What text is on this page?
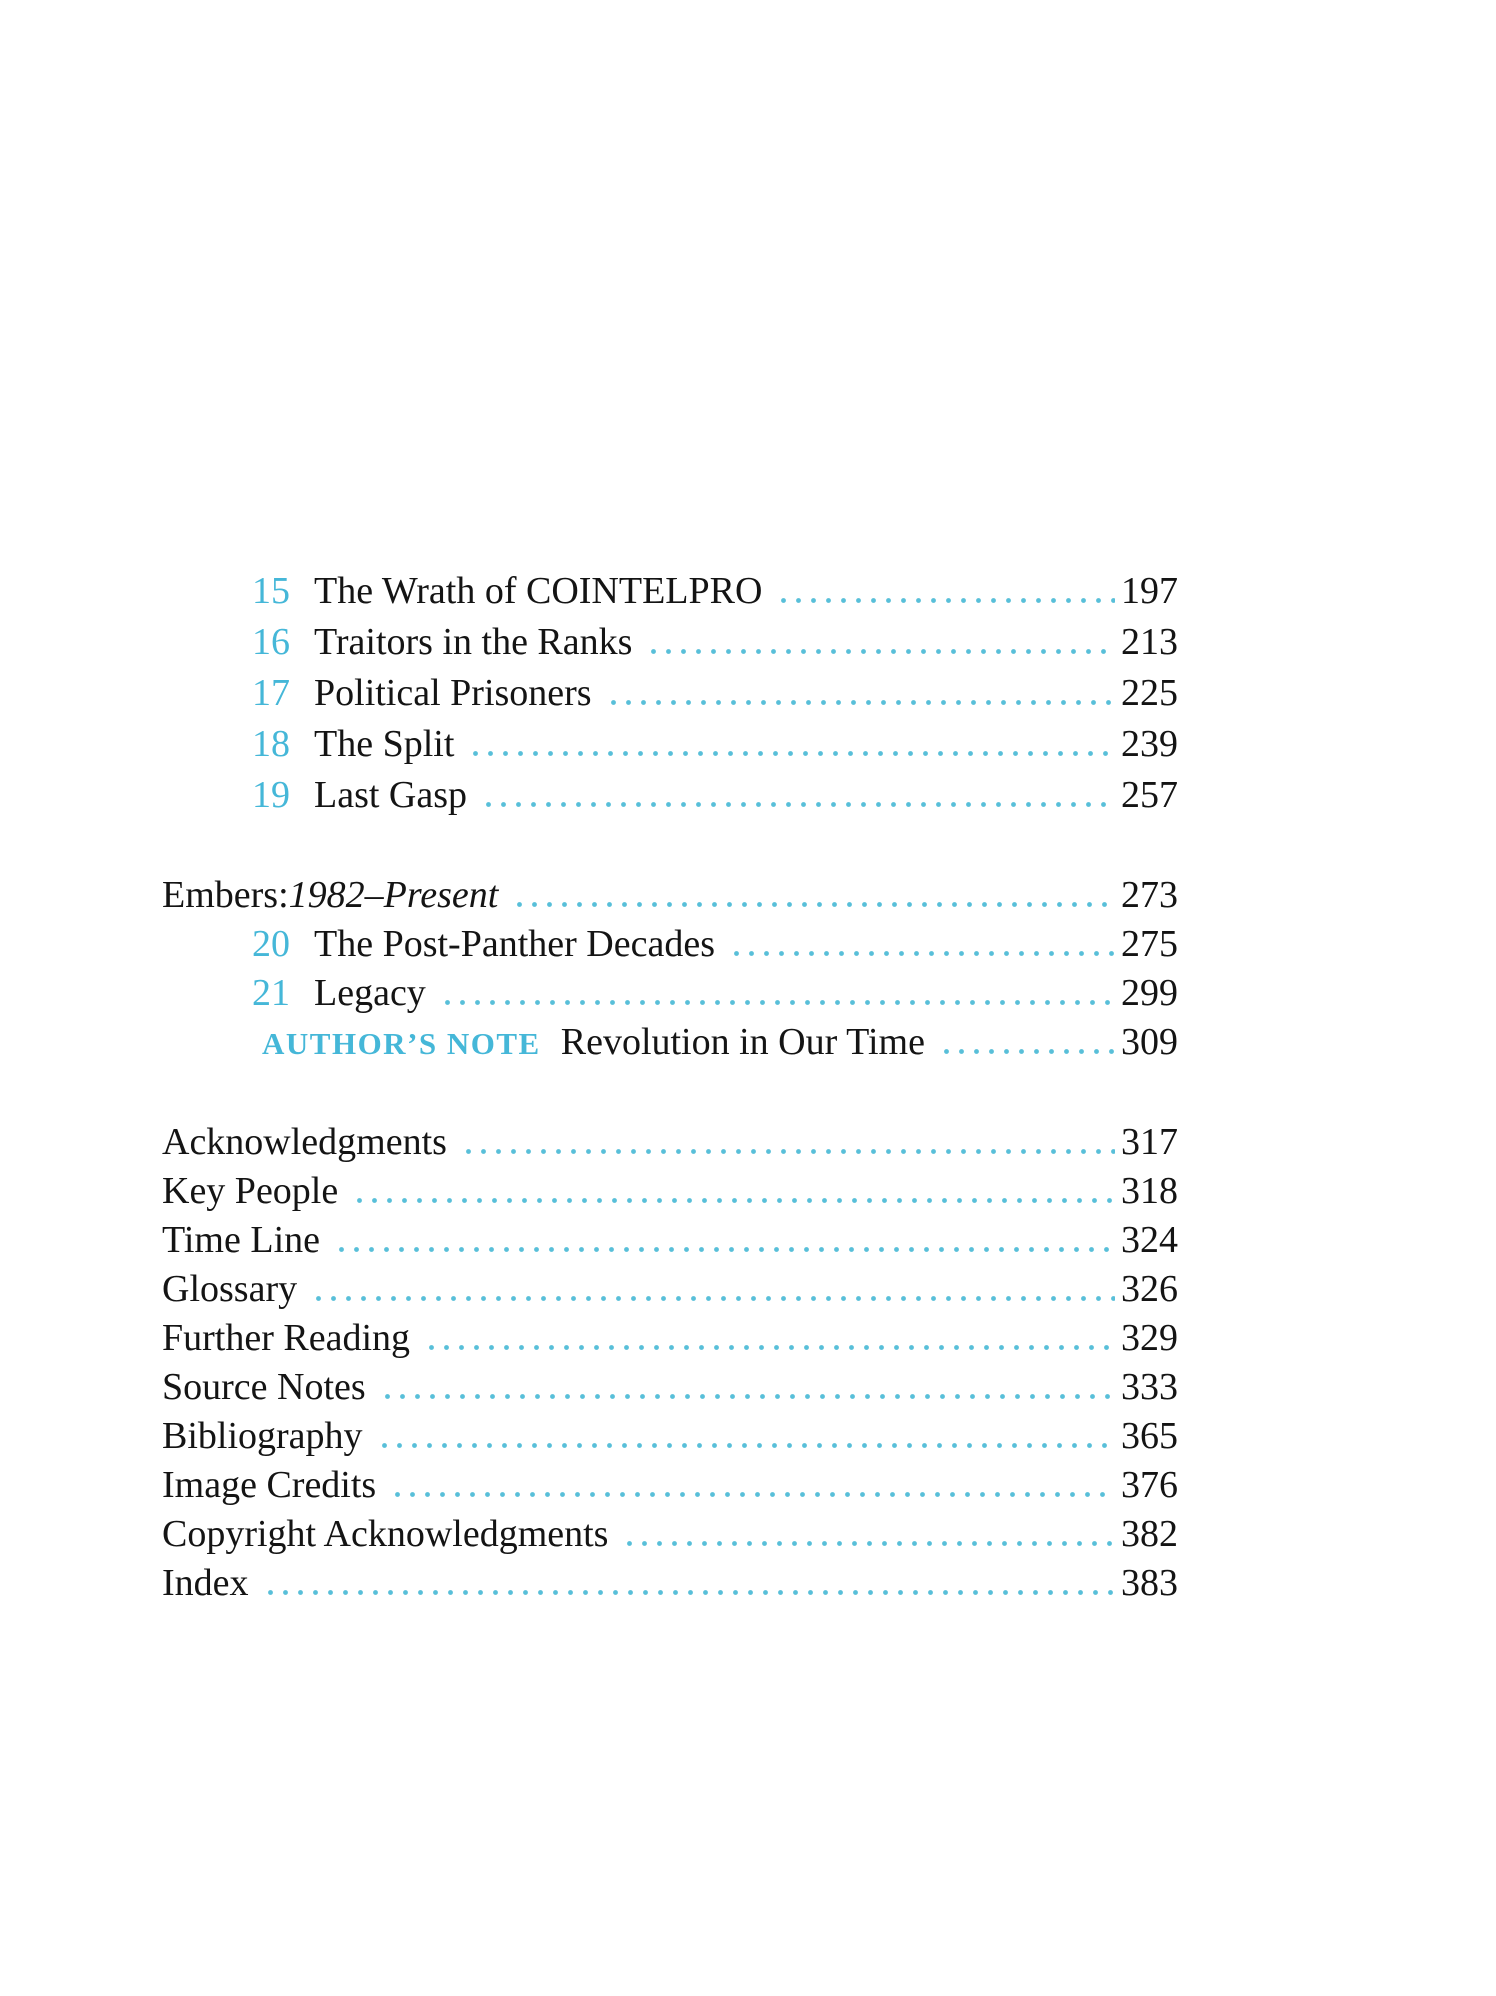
15 The Wrath of COINTELPRO	197
16 Traitors in the Ranks	213
17 Political Prisoners	225
18 The Split	239
19 Last Gasp	257
Embers: 1982–Present	273
20 The Post-Panther Decades	275
21 Legacy	299
AUTHOR’S NOTE Revolution in Our Time	309
Acknowledgments	317
Key People	318
Time Line	324
Glossary	326
Further Reading	329
Source Notes	333
Bibliography	365
Image Credits	376
Copyright Acknowledgments	382
Index	383
